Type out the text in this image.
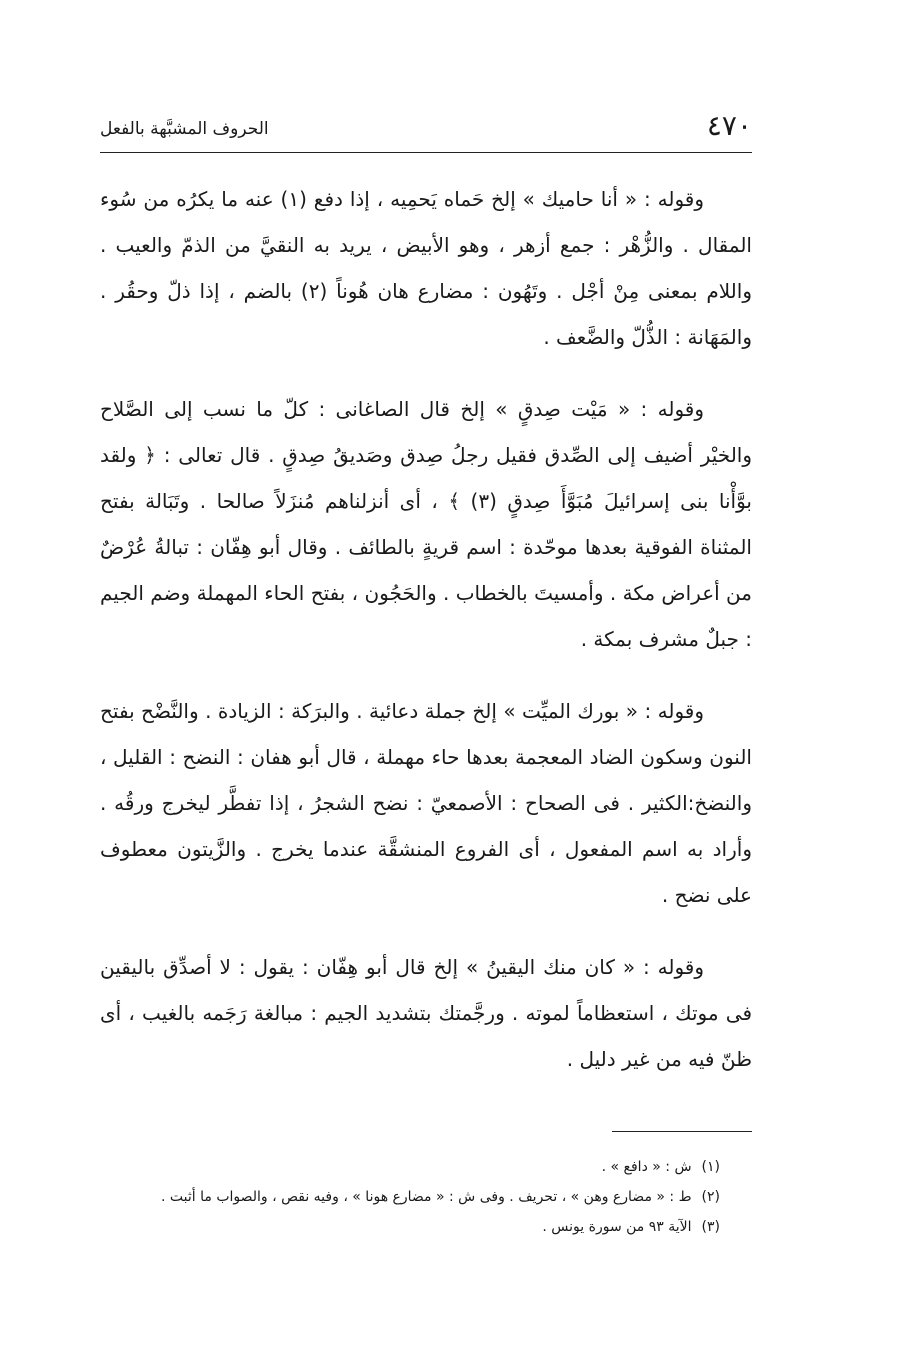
٤٧٠
الحروف المشبَّهة بالفعل

وقوله : « أنا حاميك » إلخ حَماه يَحمِيه ، إذا دفع (١) عنه ما يكرُه من سُوء المقال . والزُّهْر : جمع أزهر ، وهو الأبيض ، يريد به النقيَّ من الذمّ والعيب . واللام بمعنى مِنْ أجْل . وتَهُون : مضارع هان هُوناً (٢) بالضم ، إذا ذلّ وحقُر . والمَهَانة : الذُّلّ والضَّعف .

وقوله : « مَيْت صِدقٍ » إلخ قال الصاغانى : كلّ ما نسب إلى الصَّلاح والخيْر أضيف إلى الصِّدق فقيل رجلُ صِدق وصَديقُ صِدقٍ . قال تعالى : ﴿ ولقد بوَّأْنا بنى إسرائيلَ مُبَوَّأَ صِدقٍ (٣) ﴾ ، أى أنزلناهم مُنزَلاً صالحا . وتَبَالة بفتح المثناة الفوقية بعدها موحّدة : اسم قريةٍ بالطائف . وقال أبو هِفّان : تبالةُ عُرْضٌ من أعراض مكة . وأمسيتَ بالخطاب . والحَجُون ، بفتح الحاء المهملة وضم الجيم : جبلٌ مشرف بمكة .

وقوله : « بورك الميِّت » إلخ جملة دعائية . والبرَكة : الزيادة . والنَّضْح بفتح النون وسكون الضاد المعجمة بعدها حاء مهملة ، قال أبو هفان : النضح : القليل ، والنضخ:الكثير . فى الصحاح : الأصمعيّ : نضح الشجرُ ، إذا تفطَّر ليخرج ورقُه . وأراد به اسم المفعول ، أى الفروع المنشقَّة عندما يخرج . والزَّيتون معطوف على نضح .

وقوله : « كان منك اليقينُ » إلخ قال أبو هِفّان : يقول : لا أصدِّق باليقين فى موتك ، استعظاماً لموته . ورجَّمتك بتشديد الجيم : مبالغة رَجَمه بالغيب ، أى ظنّ فيه من غير دليل .

(١)ش : « دافع » .

(٢)ط : « مضارع وهن » ، تحريف . وفى ش : « مضارع هونا » ، وفيه نقص ، والصواب ما أثبت .

(٣)الآية ٩٣ من سورة يونس .
